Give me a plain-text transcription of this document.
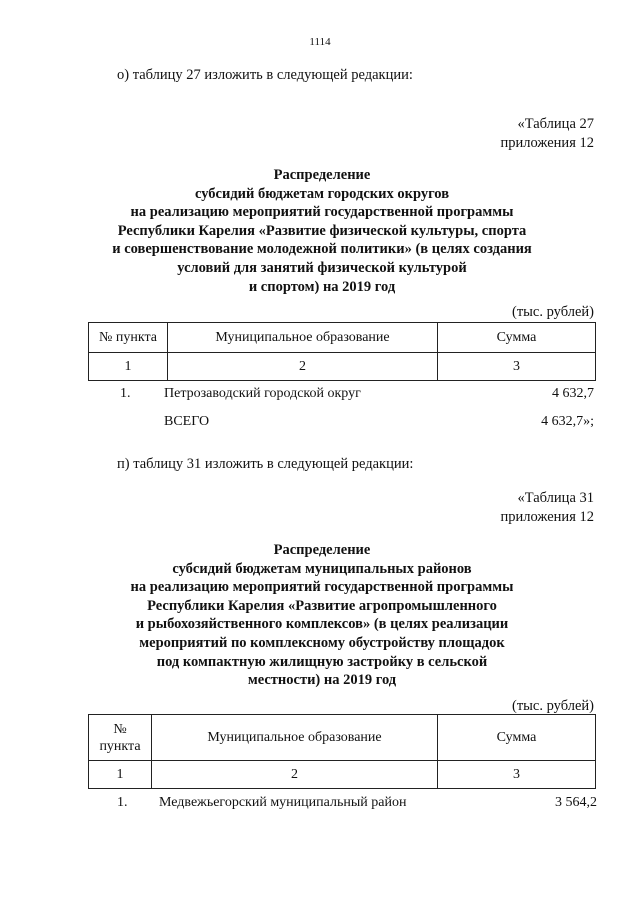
1114
о) таблицу 27 изложить в следующей редакции:
«Таблица 27
приложения 12
Распределение
субсидий бюджетам городских округов
на реализацию мероприятий государственной программы
Республики Карелия «Развитие физической культуры, спорта
и совершенствование молодежной политики» (в целях создания
условий для занятий физической культурой
и спортом) на 2019 год
(тыс. рублей)
№ пункта	Муниципальное образование	Сумма
1	2	3
1. Петрозаводский городской округ	4 632,7
ВСЕГО	4 632,7»;
п) таблицу 31 изложить в следующей редакции:
«Таблица 31
приложения 12
Распределение
субсидий бюджетам муниципальных районов
на реализацию мероприятий государственной программы
Республики Карелия «Развитие агропромышленного
и рыбохозяйственного комплексов» (в целях реализации
мероприятий по комплексному обустройству площадок
под компактную жилищную застройку в сельской
местности) на 2019 год
(тыс. рублей)
№
пункта	Муниципальное образование	Сумма
1	2	3
1. Медвежьегорский муниципальный район	3 564,2
